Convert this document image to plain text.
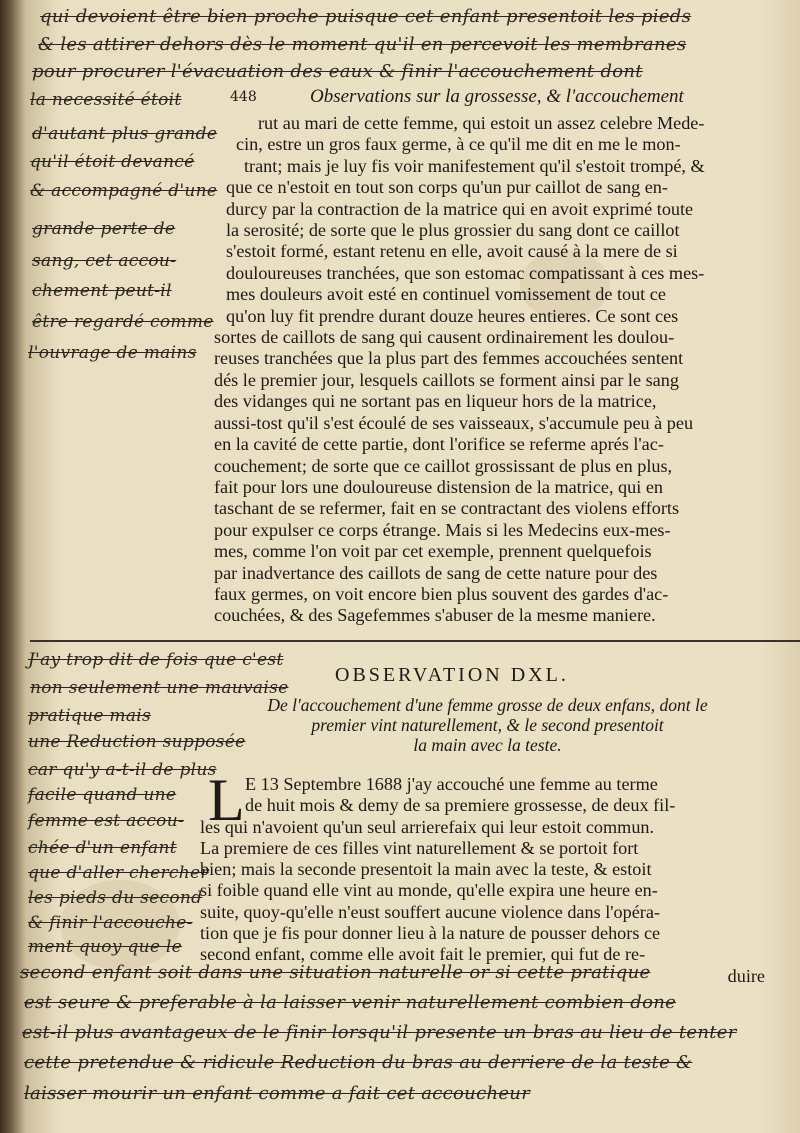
qui devoient être bien proche puisque cet enfant presentoit les pieds
& les attirer dehors dès le moment qu'il en percevoit les membranes
pour procurer l'évacuation des eaux & finir l'accouchement dont
la necessité étoit	Observations sur la grossesse, & l'accouchement
448
d'autant plus grande
qu'il étoit devancé
& accompagné d'une
grande perte de
sang, cet accou-
chement peut-il
être regardé comme
l'ouvrage de mains
rut au mari de cette femme, qui estoit un assez celebre Mede-
cin, estre un gros faux germe, à ce qu'il me dit en me le mon-
trant; mais je luy fis voir manifestement qu'il s'estoit trompé, &
que ce n'estoit en tout son corps qu'un pur caillot de sang en-
durcy par la contraction de la matrice qui en avoit exprimé toute
la serosité; de sorte que le plus grossier du sang dont ce caillot
s'estoit formé, estant retenu en elle, avoit causé à la mere de si
douloureuses tranchées, que son estomac compatissant à ces mes-
mes douleurs avoit esté en continuel vomissement de tout ce
qu'on luy fit prendre durant douze heures entieres. Ce sont ces
sortes de caillots de sang qui causent ordinairement les doulou-
reuses tranchées que la plus part des femmes accouchées sentent
dés le premier jour, lesquels caillots se forment ainsi par le sang
des vidanges qui ne sortant pas en liqueur hors de la matrice,
aussi-tost qu'il s'est écoulé de ses vaisseaux, s'accumule peu à peu
en la cavité de cette partie, dont l'orifice se referme aprés l'ac-
couchement; de sorte que ce caillot grossissant de plus en plus,
fait pour lors une douloureuse distension de la matrice, qui en
taschant de se refermer, fait en se contractant des violens efforts
pour expulser ce corps étrange. Mais si les Medecins eux-mes-
mes, comme l'on voit par cet exemple, prennent quelquefois
par inadvertance des caillots de sang de cette nature pour des
faux germes, on voit encore bien plus souvent des gardes d'ac-
couchées, & des Sagefemmes s'abuser de la mesme maniere.
J'ay trop dit de fois que c'est
non seulement une mauvaise
pratique mais
une Reduction supposée
car qu'y a-t-il de plus
facile quand une
femme est accou-
chée d'un enfant
que d'aller chercher
les pieds du second
& finir l'accouche-
ment quoy que le
OBSERVATION DXL.
De l'accouchement d'une femme grosse de deux enfans, dont le
premier vint naturellement, & le second presentoit
la main avec la teste.
L E 13 Septembre 1688 j'ay accouché une femme au terme
de huit mois & demy de sa premiere grossesse, de deux fil-
les qui n'avoient qu'un seul arrierefaix qui leur estoit commun.
La premiere de ces filles vint naturellement & se portoit fort
bien; mais la seconde presentoit la main avec la teste, & estoit
si foible quand elle vint au monde, qu'elle expira une heure en-
suite, quoy-qu'elle n'eust souffert aucune violence dans l'opéra-
tion que je fis pour donner lieu à la nature de pousser dehors ce
second enfant, comme elle avoit fait le premier, qui fut de re-
duire
second enfant soit dans une situation naturelle or si cette pratique
est seure & preferable à la laisser venir naturellement combien done
est-il plus avantageux de le finir lorsqu'il presente un bras au lieu de tenter
cette pretendue & ridicule Reduction du bras au derriere de la teste &
laisser mourir un enfant comme a fait cet accoucheur
